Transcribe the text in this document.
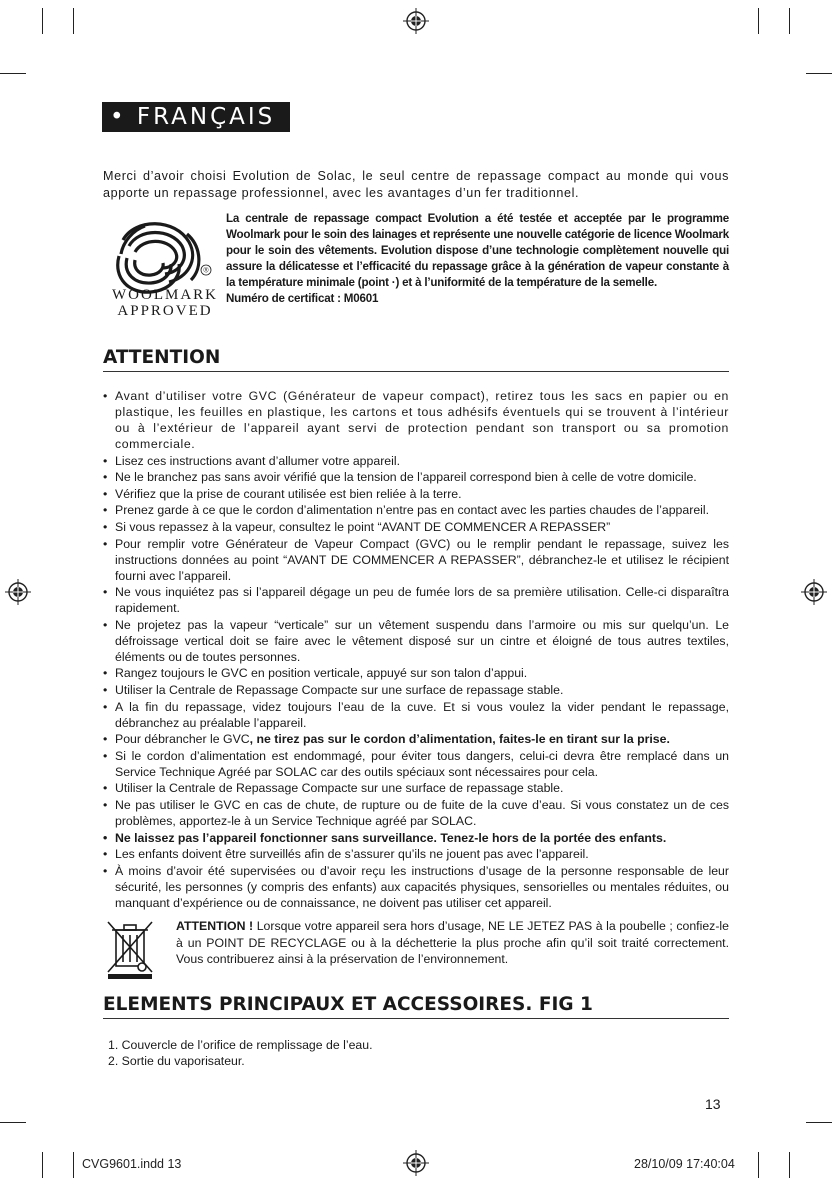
• FRANÇAIS
Merci d’avoir choisi Evolution de Solac, le seul centre de repassage compact au monde qui vous apporte un repassage professionnel, avec les avantages d’un fer traditionnel.
®
WOOLMARK
APPROVED
La centrale de repassage compact Evolution a été testée et acceptée par le programme Woolmark pour le soin des lainages et représente une nouvelle catégorie de licence Woolmark pour le soin des vêtements. Evolution dispose d’une technologie complètement nouvelle qui assure la délicatesse et l’efficacité du repassage grâce à la génération de vapeur constante à la température minimale (point ·) et à l’uniformité de la température de la semelle.
Numéro de certificat : M0601
ATTENTION
• Avant d’utiliser votre GVC (Générateur de vapeur compact), retirez tous les sacs en papier ou en plastique, les feuilles en plastique, les cartons et tous adhésifs éventuels qui se trouvent à l’intérieur ou à l’extérieur de l’appareil ayant servi de protection pendant son transport ou sa promotion commerciale.
• Lisez ces instructions avant d’allumer votre appareil.
• Ne le branchez pas sans avoir vérifié que la tension de l’appareil correspond bien à celle de votre domicile.
• Vérifiez que la prise de courant utilisée est bien reliée à la terre.
• Prenez garde à ce que le cordon d’alimentation n’entre pas en contact avec les parties chaudes de l’appareil.
• Si vous repassez à la vapeur, consultez le point “AVANT DE COMMENCER A REPASSER”
• Pour remplir votre Générateur de Vapeur Compact (GVC) ou le remplir pendant le repassage, suivez les instructions données au point “AVANT DE COMMENCER A REPASSER”, débranchez-le et utilisez le récipient fourni avec l’appareil.
• Ne vous inquiétez pas si l’appareil dégage un peu de fumée lors de sa première utilisation. Celle-ci disparaîtra rapidement.
• Ne projetez pas la vapeur “verticale” sur un vêtement suspendu dans l’armoire ou mis sur quelqu’un. Le défroissage vertical doit se faire avec le vêtement disposé sur un cintre et éloigné de tous autres textiles, éléments ou de toutes personnes.
• Rangez toujours le GVC en position verticale, appuyé sur son talon d’appui.
• Utiliser la Centrale de Repassage Compacte sur une surface de repassage stable.
• A la fin du repassage, videz toujours l’eau de la cuve. Et si vous voulez la vider pendant le repassage, débranchez au préalable l’appareil.
• Pour débrancher le GVC, ne tirez pas sur le cordon d’alimentation, faites-le en tirant sur la prise.
• Si le cordon d’alimentation est endommagé, pour éviter tous dangers, celui-ci devra être remplacé dans un Service Technique Agréé par SOLAC car des outils spéciaux sont nécessaires pour cela.
• Utiliser la Centrale de Repassage Compacte sur une surface de repassage stable.
• Ne pas utiliser le GVC en cas de chute, de rupture ou de fuite de la cuve d’eau. Si vous constatez un de ces problèmes, apportez-le à un Service Technique agréé par SOLAC.
• Ne laissez pas l’appareil fonctionner sans surveillance. Tenez-le hors de la portée des enfants.
• Les enfants doivent être surveillés afin de s’assurer qu’ils ne jouent pas avec l’appareil.
• À moins d’avoir été supervisées ou d’avoir reçu les instructions d’usage de la personne responsable de leur sécurité, les personnes (y compris des enfants) aux capacités physiques, sensorielles ou mentales réduites, ou manquant d’expérience ou de connaissance, ne doivent pas utiliser cet appareil.
ATTENTION ! Lorsque votre appareil sera hors d’usage, NE LE JETEZ PAS à la poubelle ; confiez-le à un POINT DE RECYCLAGE ou à la déchetterie la plus proche afin qu’il soit traité correctement. Vous contribuerez ainsi à la préservation de l’environnement.
ELEMENTS PRINCIPAUX ET ACCESSOIRES. FIG 1
1. Couvercle de l’orifice de remplissage de l’eau.
2. Sortie du vaporisateur.
13
CVG9601.indd 13	28/10/09 17:40:04
